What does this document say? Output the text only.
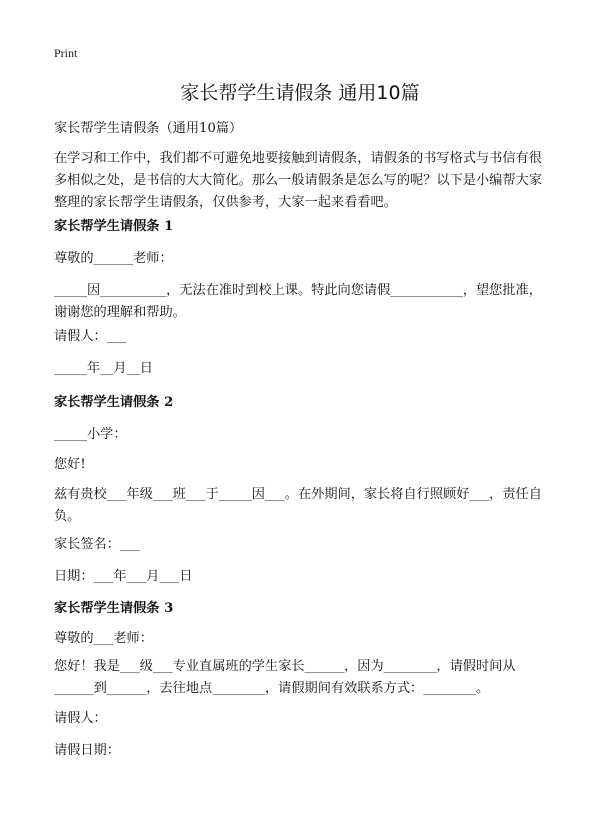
Print
家长帮学生请假条 通用10篇
家长帮学生请假条（通用10篇）
在学习和工作中，我们都不可避免地要接触到请假条，请假条的书写格式与书信有很多相似之处，是书信的大大简化。那么一般请假条是怎么写的呢？以下是小编帮大家整理的家长帮学生请假条，仅供参考，大家一起来看看吧。
家长帮学生请假条 1
尊敬的______老师：
_____因__________，无法在准时到校上课。特此向您请假___________，望您批准，谢谢您的理解和帮助。
请假人：___
_____年__月__日
家长帮学生请假条 2
_____小学：
您好!
兹有贵校___年级___班___于_____因___。在外期间，家长将自行照顾好___，责任自负。
家长签名：___
日期：___年___月___日
家长帮学生请假条 3
尊敬的___老师：
您好！我是___级___专业直属班的学生家长______，因为________，请假时间从______到______，去往地点________，请假期间有效联系方式：________。
请假人：
请假日期：
